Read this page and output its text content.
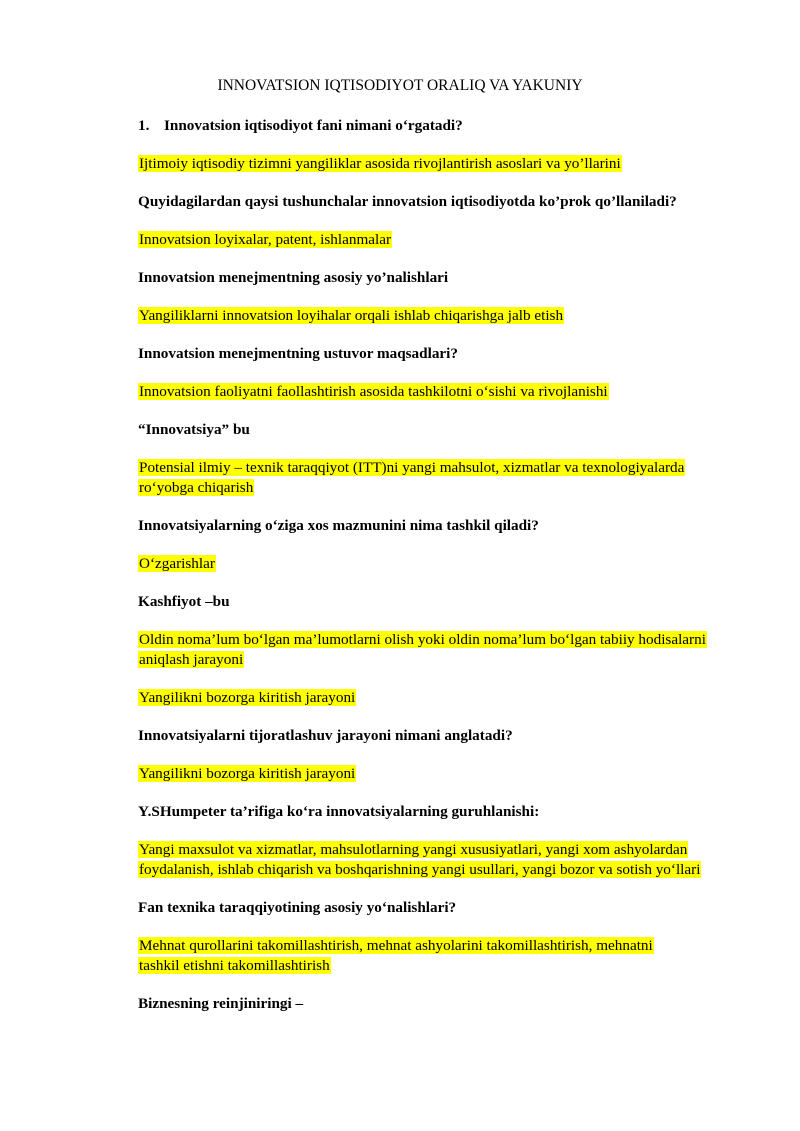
INNOVATSION IQTISODIYOT ORALIQ VA YAKUNIY

1. Innovatsion iqtisodiyot fani nimani o‘rgatadi?

Ijtimoiy iqtisodiy tizimni yangiliklar asosida rivojlantirish asoslari va yo’llarini

Quyidagilardan qaysi tushunchalar innovatsion iqtisodiyotda ko’prok qo’llaniladi?

Innovatsion loyixalar, patent, ishlanmalar

Innovatsion menejmentning asosiy yo’nalishlari

Yangiliklarni innovatsion loyihalar orqali ishlab chiqarishga jalb etish

Innovatsion menejmentning ustuvor maqsadlari?

Innovatsion faoliyatni faollashtirish asosida tashkilotni o‘sishi va rivojlanishi

“Innovatsiya” bu

Potensial ilmiy – texnik taraqqiyot (ITT)ni yangi mahsulot, xizmatlar va texnologiyalarda
ro‘yobga chiqarish

Innovatsiyalarning o‘ziga xos mazmunini nima tashkil qiladi?

O‘zgarishlar

Kashfiyot –bu

Oldin noma’lum bo‘lgan ma’lumotlarni olish yoki oldin noma’lum bo‘lgan tabiiy hodisalarni
aniqlash jarayoni

Yangilikni bozorga kiritish jarayoni

Innovatsiyalarni tijoratlashuv jarayoni nimani anglatadi?

Yangilikni bozorga kiritish jarayoni

Y.SHumpeter ta’rifiga ko‘ra innovatsiyalarning guruhlanishi:

Yangi maxsulot va xizmatlar, mahsulotlarning yangi xususiyatlari, yangi xom ashyolardan
foydalanish, ishlab chiqarish va boshqarishning yangi usullari, yangi bozor va sotish yo‘llari

Fan texnika taraqqiyotining asosiy yo‘nalishlari?

Mehnat qurollarini takomillashtirish, mehnat ashyolarini takomillashtirish, mehnatni
tashkil etishni takomillashtirish

Biznesning reinjiniringi –
